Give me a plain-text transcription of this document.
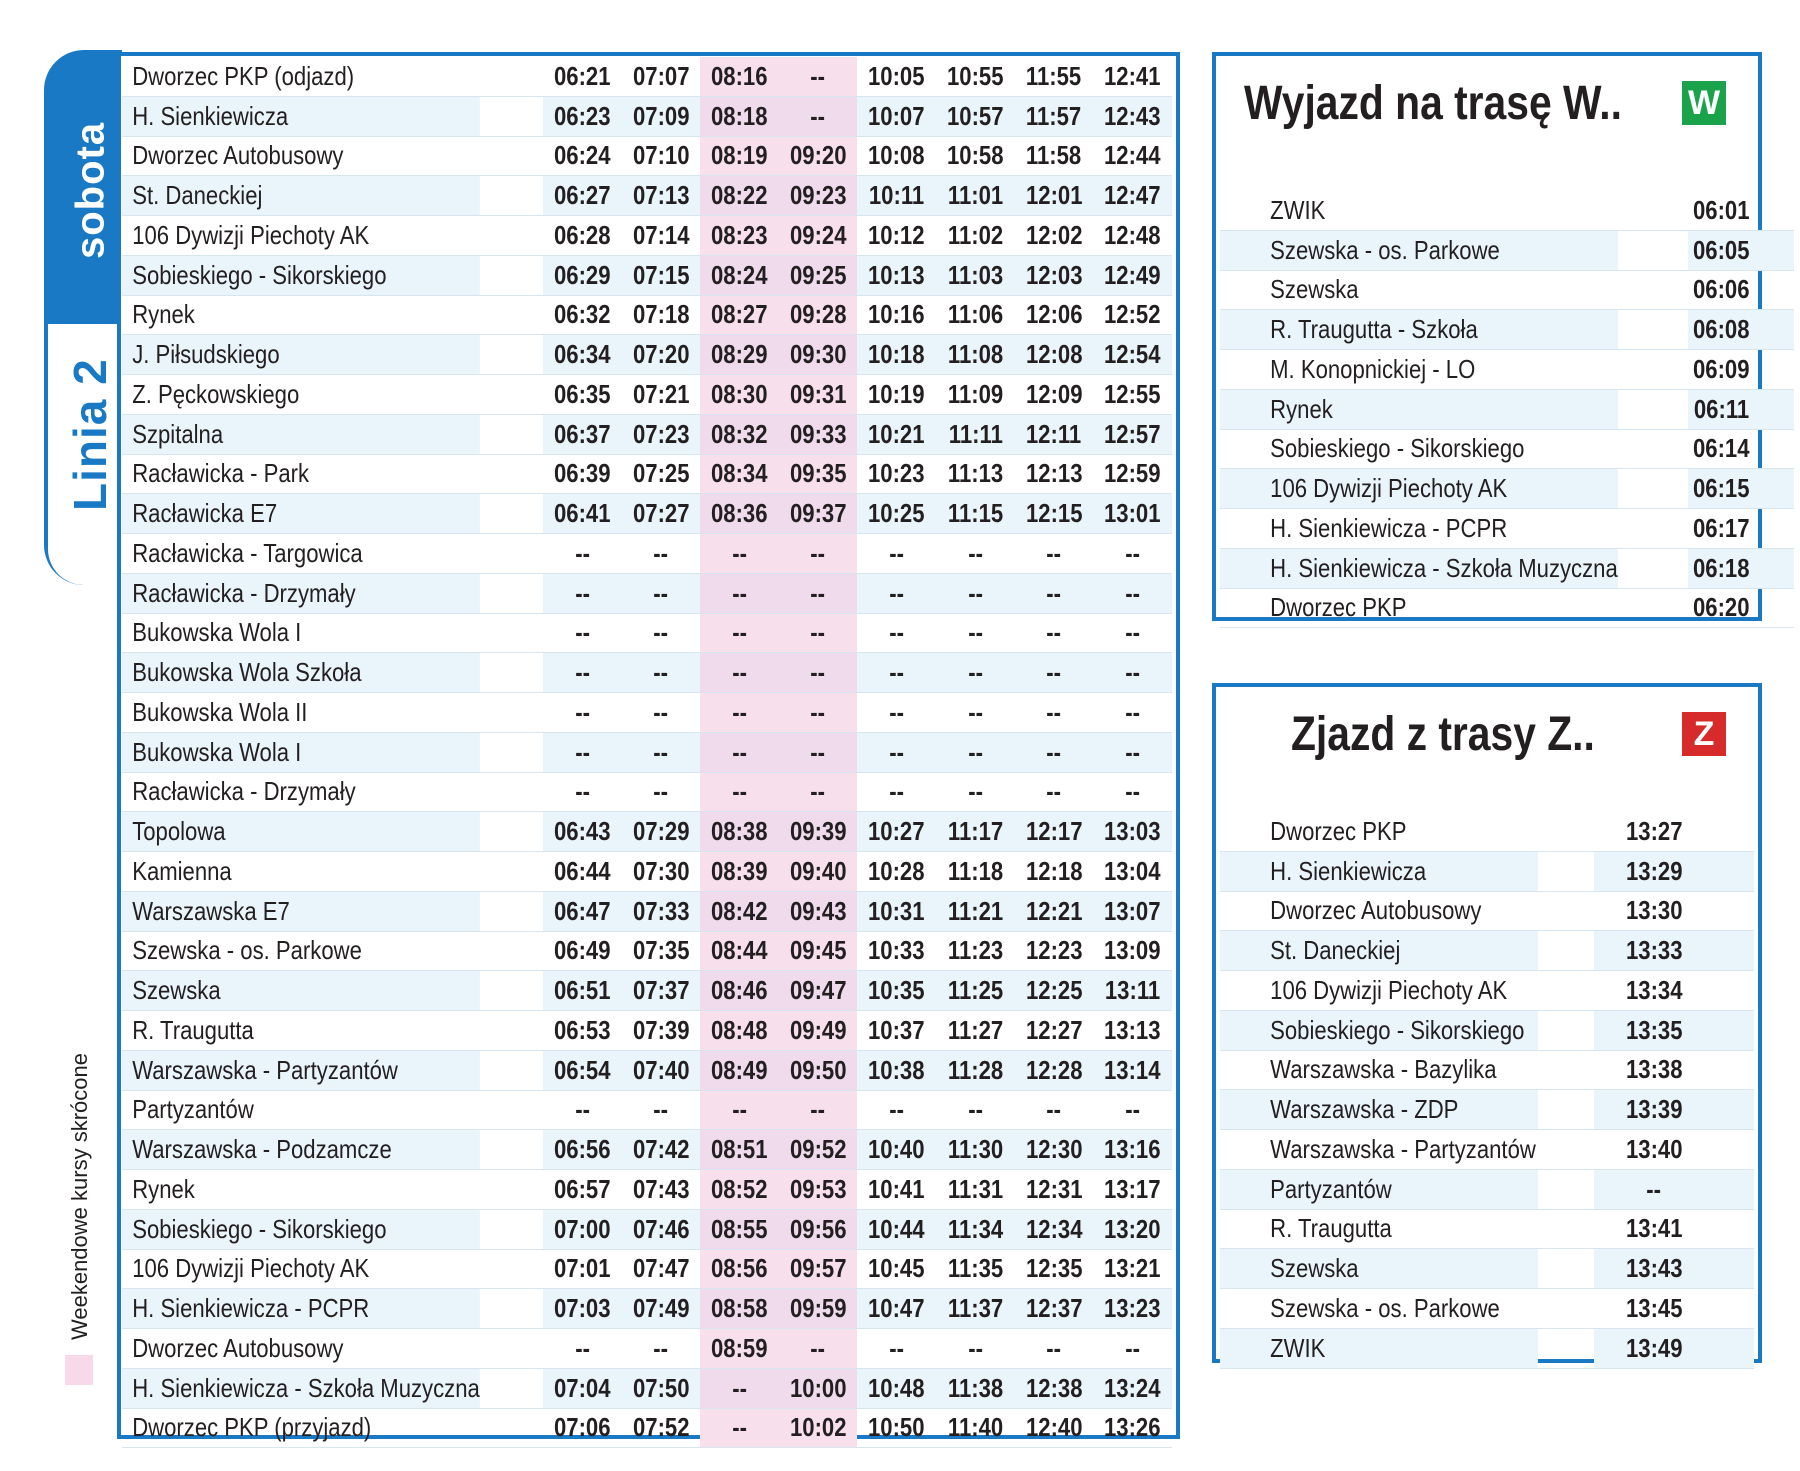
sobota
Linia 2
Weekendowe kursy skrócone
Dworzec PKP (odjazd)	06:21	07:07	08:16	--	10:05	10:55	11:55	12:41
H. Sienkiewicza	06:23	07:09	08:18	--	10:07	10:57	11:57	12:43
Dworzec Autobusowy	06:24	07:10	08:19	09:20	10:08	10:58	11:58	12:44
St. Daneckiej	06:27	07:13	08:22	09:23	10:11	11:01	12:01	12:47
106 Dywizji Piechoty AK	06:28	07:14	08:23	09:24	10:12	11:02	12:02	12:48
Sobieskiego - Sikorskiego	06:29	07:15	08:24	09:25	10:13	11:03	12:03	12:49
Rynek	06:32	07:18	08:27	09:28	10:16	11:06	12:06	12:52
J. Piłsudskiego	06:34	07:20	08:29	09:30	10:18	11:08	12:08	12:54
Z. Pęckowskiego	06:35	07:21	08:30	09:31	10:19	11:09	12:09	12:55
Szpitalna	06:37	07:23	08:32	09:33	10:21	11:11	12:11	12:57
Racławicka - Park	06:39	07:25	08:34	09:35	10:23	11:13	12:13	12:59
Racławicka E7	06:41	07:27	08:36	09:37	10:25	11:15	12:15	13:01
Racławicka - Targowica	--	--	--	--	--	--	--	--
Racławicka - Drzymały	--	--	--	--	--	--	--	--
Bukowska Wola I	--	--	--	--	--	--	--	--
Bukowska Wola Szkoła	--	--	--	--	--	--	--	--
Bukowska Wola II	--	--	--	--	--	--	--	--
Bukowska Wola I	--	--	--	--	--	--	--	--
Racławicka - Drzymały	--	--	--	--	--	--	--	--
Topolowa	06:43	07:29	08:38	09:39	10:27	11:17	12:17	13:03
Kamienna	06:44	07:30	08:39	09:40	10:28	11:18	12:18	13:04
Warszawska E7	06:47	07:33	08:42	09:43	10:31	11:21	12:21	13:07
Szewska - os. Parkowe	06:49	07:35	08:44	09:45	10:33	11:23	12:23	13:09
Szewska	06:51	07:37	08:46	09:47	10:35	11:25	12:25	13:11
R. Traugutta	06:53	07:39	08:48	09:49	10:37	11:27	12:27	13:13
Warszawska - Partyzantów	06:54	07:40	08:49	09:50	10:38	11:28	12:28	13:14
Partyzantów	--	--	--	--	--	--	--	--
Warszawska - Podzamcze	06:56	07:42	08:51	09:52	10:40	11:30	12:30	13:16
Rynek	06:57	07:43	08:52	09:53	10:41	11:31	12:31	13:17
Sobieskiego - Sikorskiego	07:00	07:46	08:55	09:56	10:44	11:34	12:34	13:20
106 Dywizji Piechoty AK	07:01	07:47	08:56	09:57	10:45	11:35	12:35	13:21
H. Sienkiewicza - PCPR	07:03	07:49	08:58	09:59	10:47	11:37	12:37	13:23
Dworzec Autobusowy	--	--	08:59	--	--	--	--	--
H. Sienkiewicza - Szkoła Muzyczna	07:04	07:50	--	10:00	10:48	11:38	12:38	13:24
Dworzec PKP (przyjazd)	07:06	07:52	--	10:02	10:50	11:40	12:40	13:26
Wyjazd na trasę W.. W
ZWIK	06:01
Szewska - os. Parkowe	06:05
Szewska	06:06
R. Traugutta - Szkoła	06:08
M. Konopnickiej - LO	06:09
Rynek	06:11
Sobieskiego - Sikorskiego	06:14
106 Dywizji Piechoty AK	06:15
H. Sienkiewicza - PCPR	06:17
H. Sienkiewicza - Szkoła Muzyczna	06:18
Dworzec PKP	06:20
Zjazd z trasy Z..	Z
Dworzec PKP	13:27
H. Sienkiewicza	13:29
Dworzec Autobusowy	13:30
St. Daneckiej	13:33
106 Dywizji Piechoty AK	13:34
Sobieskiego - Sikorskiego	13:35
Warszawska - Bazylika	13:38
Warszawska - ZDP	13:39
Warszawska - Partyzantów	13:40
Partyzantów	--
R. Traugutta	13:41
Szewska	13:43
Szewska - os. Parkowe	13:45
ZWIK	13:49
